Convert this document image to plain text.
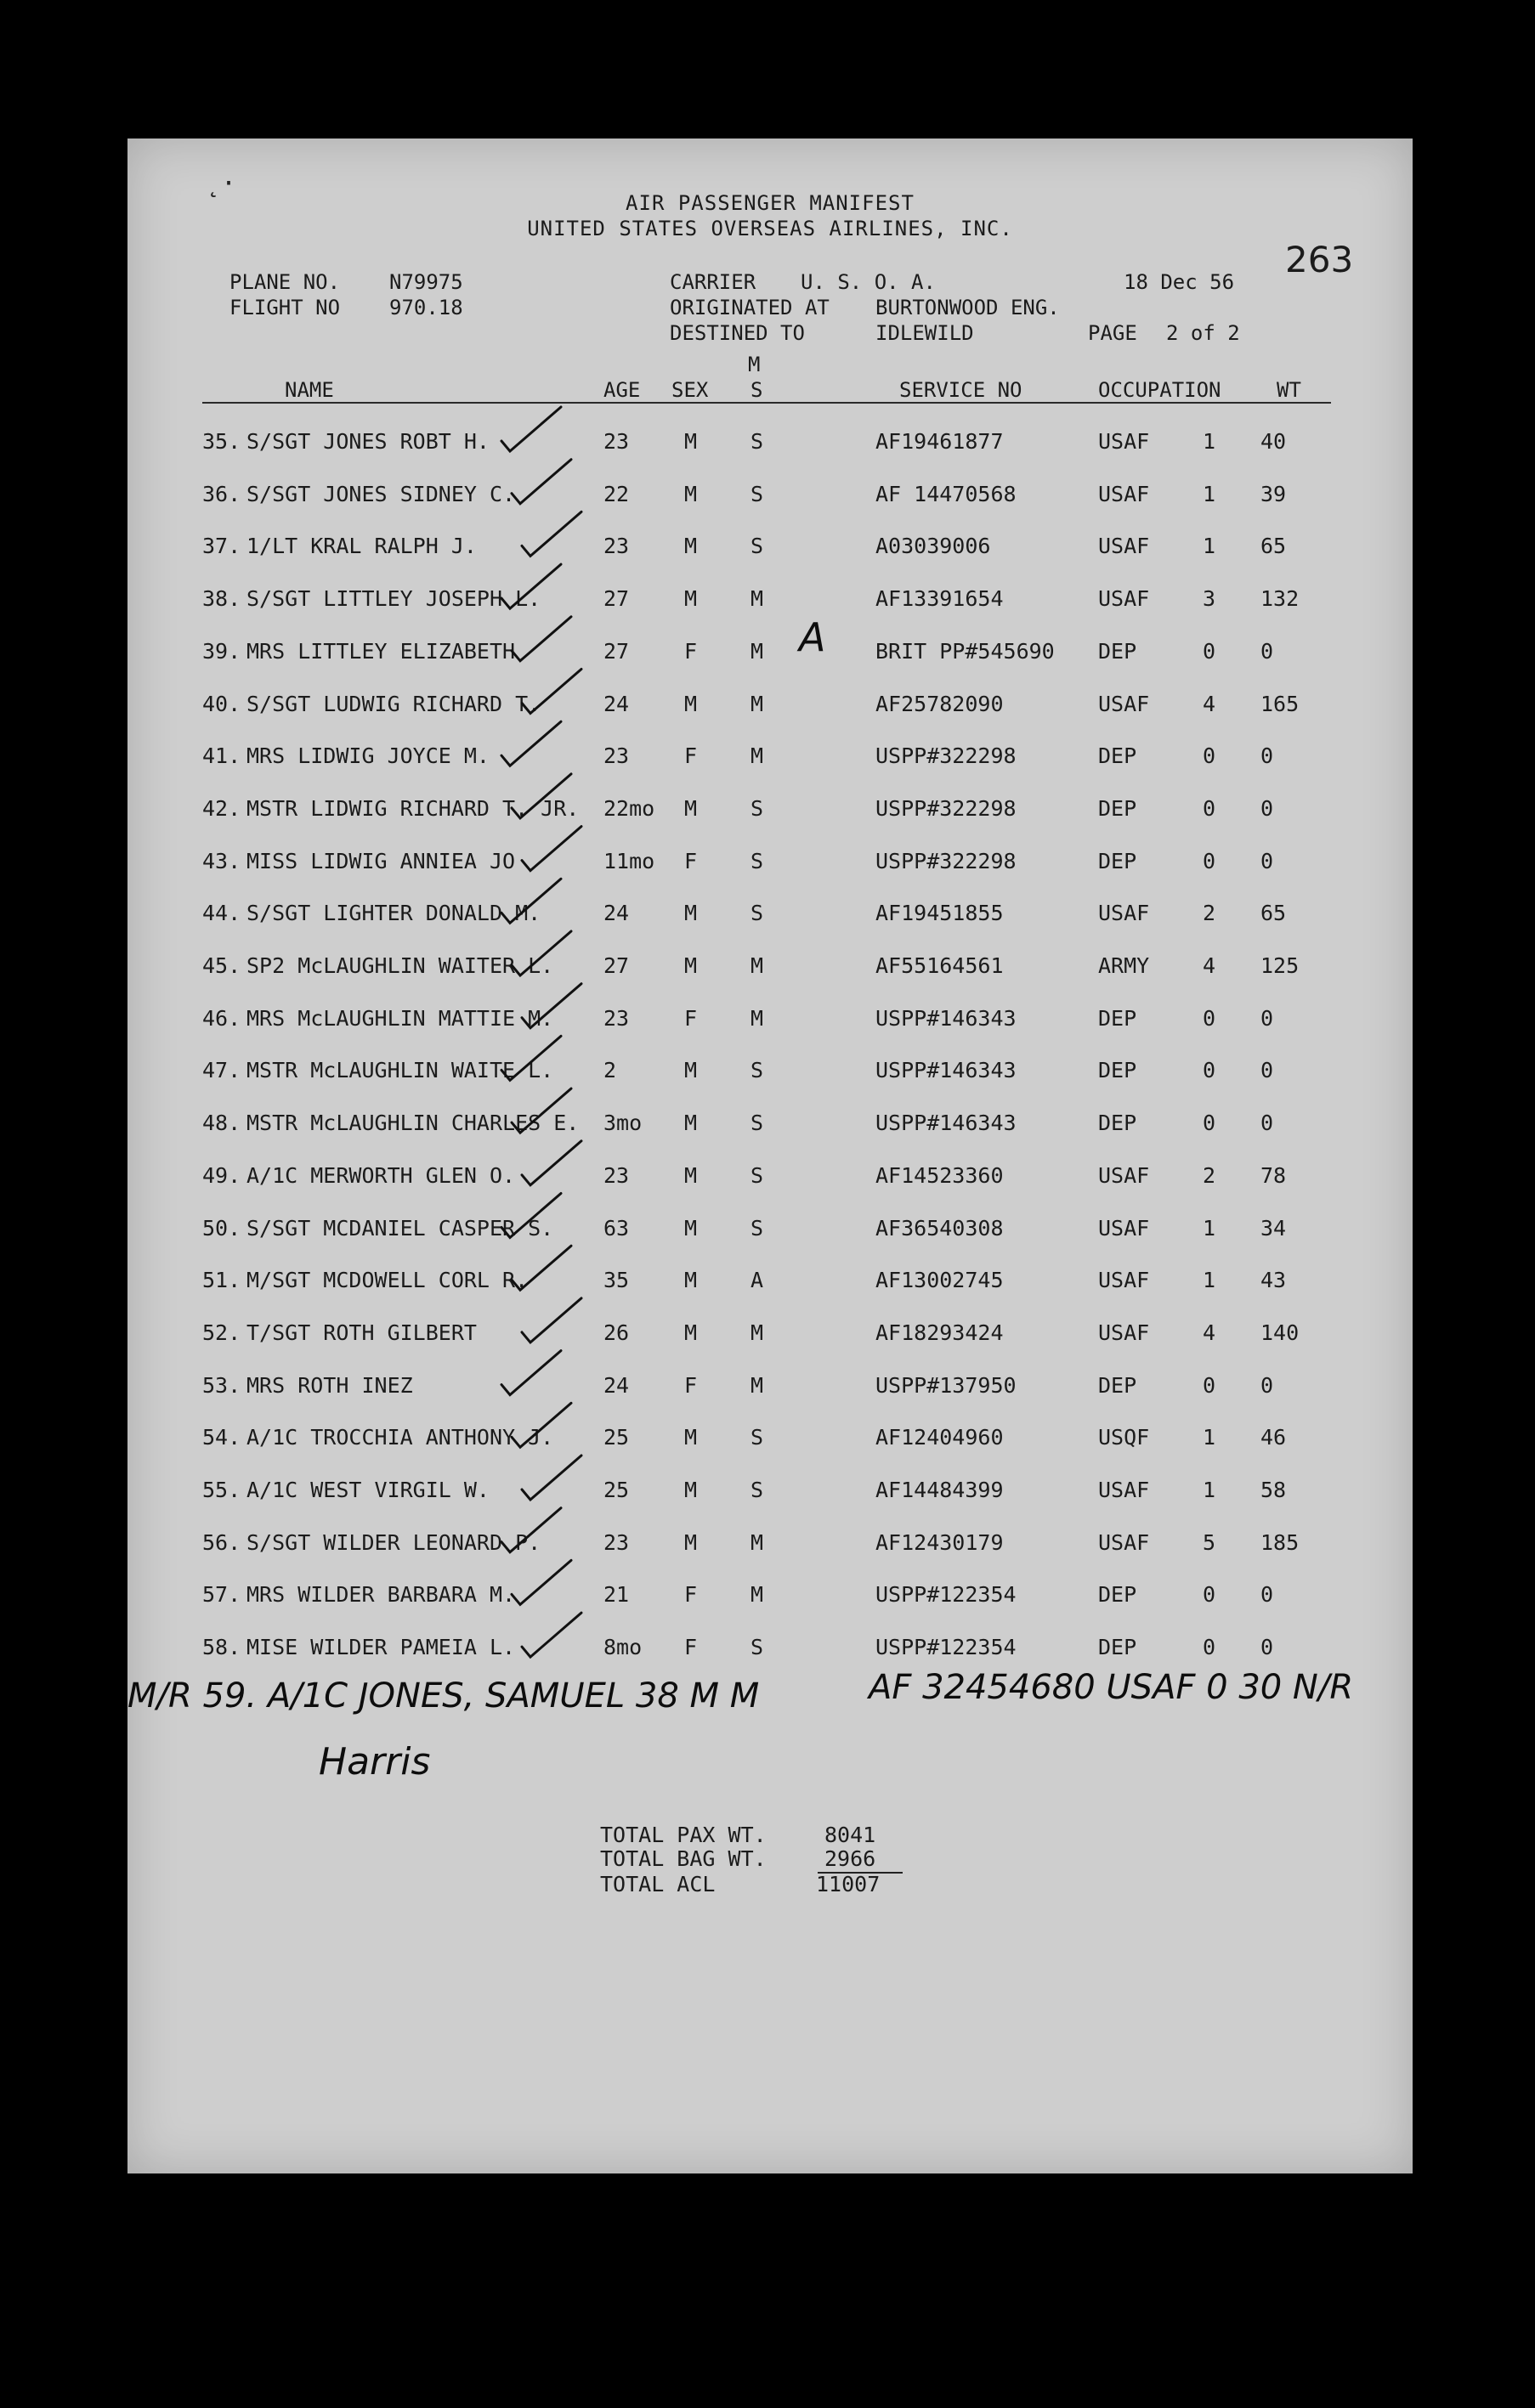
˛·
AIR PASSENGER MANIFEST
UNITED STATES OVERSEAS AIRLINES, INC.
263
PLANE NO. N79975
FLIGHT NO 970.18
CARRIER U. S. O. A.	18 Dec 56
ORIGINATED AT BURTONWOOD ENG.
DESTINED TO	IDLEWILD	PAGE 2 of 2
M
NAME	AGE SEX S	SERVICE NO	OCCUPATION	WT
35. S/SGT JONES ROBT H.	23	M	S	AF19461877	USAF	1 40
36. S/SGT JONES SIDNEY C.	22	M	S	AF 14470568	USAF	1 39
37. 1/LT KRAL RALPH J.	23	M	S	A03039006	USAF	1 65
38. S/SGT LITTLEY JOSEPH L.	27	M	M	AF13391654	USAF	3 132
39. MRS LITTLEY ELIZABETH	27	F	M	BRIT PP#545690 DEP	0 0
40. S/SGT LUDWIG RICHARD T.	24	M	M	AF25782090	USAF	4 165
41. MRS LIDWIG JOYCE M.	23	F	M	USPP#322298	DEP	0 0
42. MSTR LIDWIG RICHARD T. JR. 22mo M	S	USPP#322298	DEP	0 0
43. MISS LIDWIG ANNIEA JO	11mo F	S	USPP#322298	DEP	0 0
44. S/SGT LIGHTER DONALD M.	24	M	S	AF19451855	USAF	2 65
45. SP2 McLAUGHLIN WAITER L. 27	M	M	AF55164561	ARMY	4 125
46. MRS McLAUGHLIN MATTIE M. 23	F	M	USPP#146343	DEP	0 0
47. MSTR McLAUGHLIN WAITE L. 2	M	S	USPP#146343	DEP	0 0
48. MSTR McLAUGHLIN CHARLES E. 3mo M	S	USPP#146343	DEP	0 0
49. A/1C MERWORTH GLEN O.	23	M	S	AF14523360	USAF	2 78
50. S/SGT MCDANIEL CASPER S. 63	M	S	AF36540308	USAF	1 34
51. M/SGT MCDOWELL CORL R.	35	M	A	AF13002745	USAF	1 43
52. T/SGT ROTH GILBERT	26	M	M	AF18293424	USAF	4 140
53. MRS ROTH INEZ	24	F	M	USPP#137950	DEP	0 0
54. A/1C TROCCHIA ANTHONY J. 25	M	S	AF12404960	USQF	1 46
55. A/1C WEST VIRGIL W.	25	M	S	AF14484399	USAF	1 58
56. S/SGT WILDER LEONARD P.	23	M	M	AF12430179	USAF	5 185
57. MRS WILDER BARBARA M.	21	F	M	USPP#122354	DEP	0 0
58. MISE WILDER PAMEIA L.	8mo F	S	USPP#122354	DEP	0 0
A
M/R 59. A/1C JONES, SAMUEL 38 M M	AF 32454680 USAF 0 30 N/R
Harris
TOTAL PAX WT.	8041
TOTAL BAG WT.	2966
TOTAL ACL	11007
